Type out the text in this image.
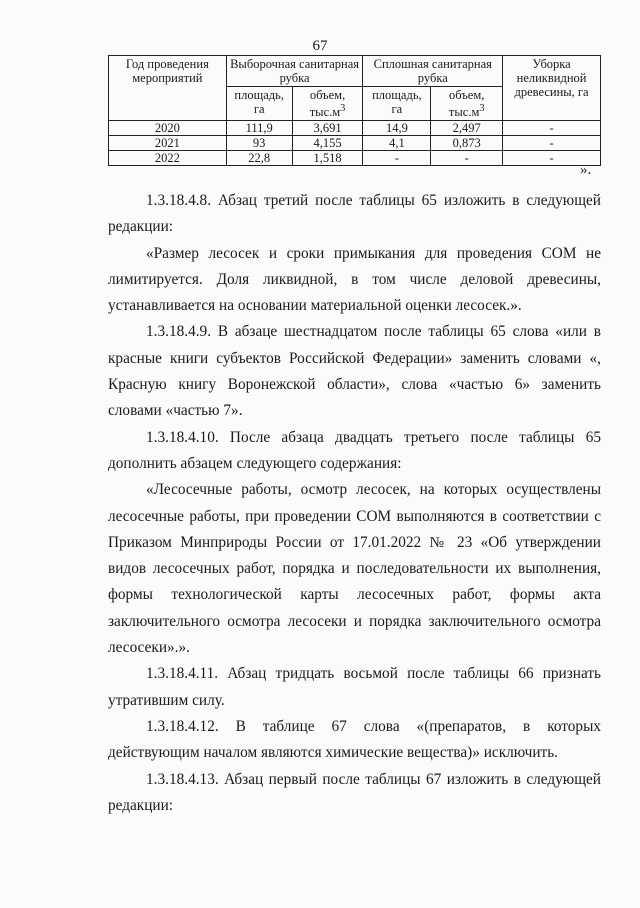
67
Год проведения мероприятий	Выборочная санитарная рубка		Сплошная санитарная рубка		Уборка неликвидной древесины, га
	площадь, га	объем, $тыс.м^3$	площадь, га	объем, $тыс.м^3$
2020	111,9	3,691	14,9	2,497	-
2021	93	4,155	4,1	0,873	-
2022	22,8	1,518	-	-	-
».

1.3.18.4.8. Абзац третий после таблицы 65 изложить в следующей редакции:

«Размер лесосек и сроки примыкания для проведения СОМ не лимитируется. Доля ликвидной, в том числе деловой древесины, устанавливается на основании материальной оценки лесосек.».

1.3.18.4.9. В абзаце шестнадцатом после таблицы 65 слова «или в красные книги субъектов Российской Федерации» заменить словами «, Красную книгу Воронежской области», слова «частью 6» заменить словами «частью 7».

1.3.18.4.10. После абзаца двадцать третьего после таблицы 65 дополнить абзацем следующего содержания:

«Лесосечные работы, осмотр лесосек, на которых осуществлены лесосечные работы, при проведении СОМ выполняются в соответствии с Приказом Минприроды России от 17.01.2022 № 23 «Об утверждении видов лесосечных работ, порядка и последовательности их выполнения, формы технологической карты лесосечных работ, формы акта заключительного осмотра лесосеки и порядка заключительного осмотра лесосеки».».

1.3.18.4.11. Абзац тридцать восьмой после таблицы 66 признать утратившим силу.

1.3.18.4.12. В таблице 67 слова «(препаратов, в которых действующим началом являются химические вещества)» исключить.

1.3.18.4.13. Абзац первый после таблицы 67 изложить в следующей редакции:
